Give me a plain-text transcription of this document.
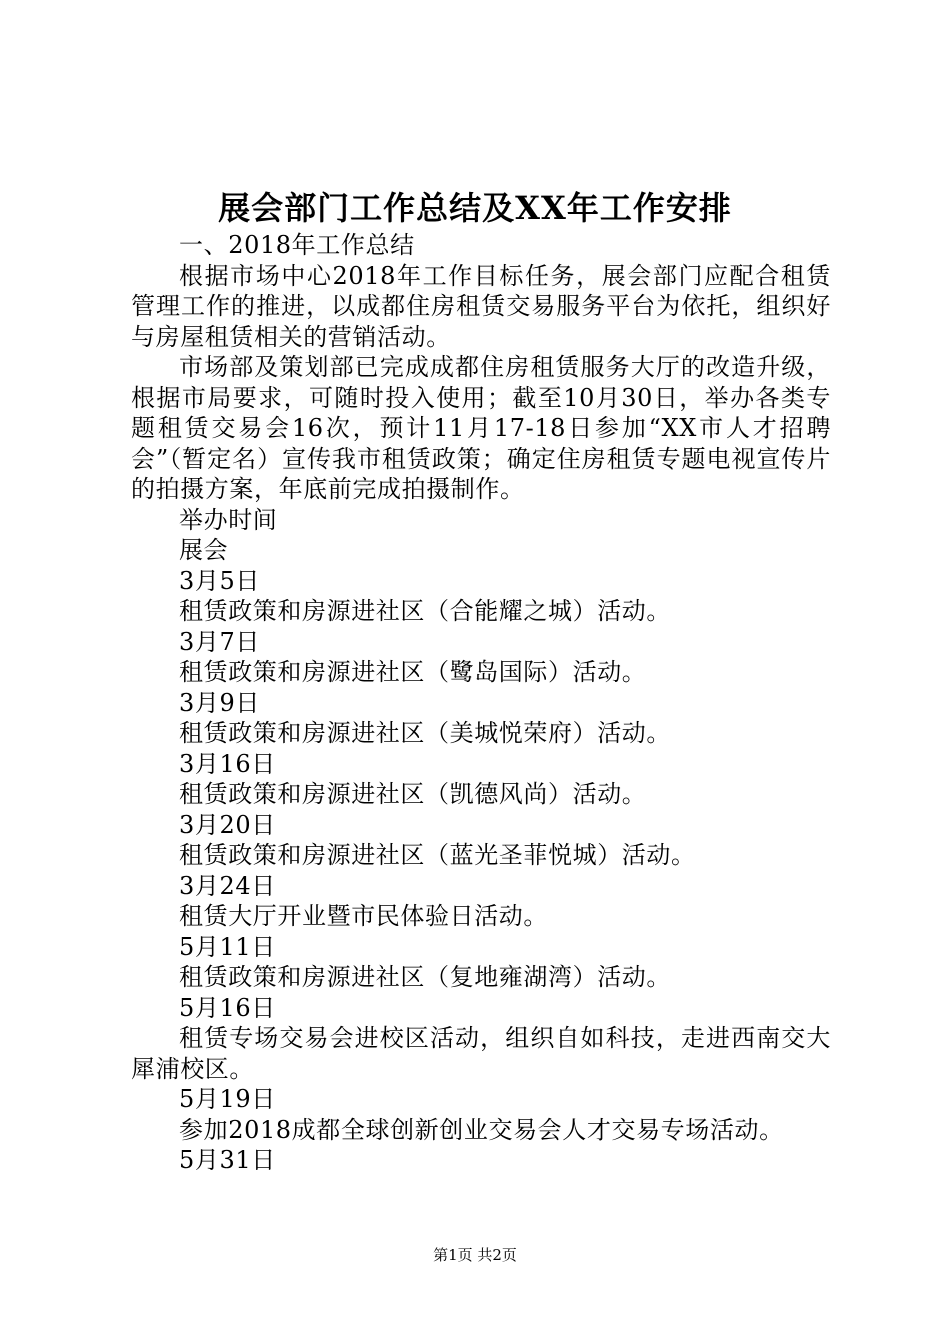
展会部门工作总结及XX年工作安排

一、2018年工作总结

根据市场中心2018年工作目标任务，展会部门应配合租赁管理工作的推进，以成都住房租赁交易服务平台为依托，组织好与房屋租赁相关的营销活动。

市场部及策划部已完成成都住房租赁服务大厅的改造升级，根据市局要求，可随时投入使用；截至10月30日，举办各类专题租赁交易会16次，预计11月17-18日参加“XX市人才招聘会”（暂定名）宣传我市租赁政策；确定住房租赁专题电视宣传片的拍摄方案，年底前完成拍摄制作。

举办时间

展会

3月5日

租赁政策和房源进社区（合能耀之城）活动。

3月7日

租赁政策和房源进社区（鹭岛国际）活动。

3月9日

租赁政策和房源进社区（美城悦荣府）活动。

3月16日

租赁政策和房源进社区（凯德风尚）活动。

3月20日

租赁政策和房源进社区（蓝光圣菲悦城）活动。

3月24日

租赁大厅开业暨市民体验日活动。

5月11日

租赁政策和房源进社区（复地雍湖湾）活动。

5月16日

租赁专场交易会进校区活动，组织自如科技，走进西南交大犀浦校区。

5月19日

参加2018成都全球创新创业交易会人才交易专场活动。

5月31日

第1页 共2页
